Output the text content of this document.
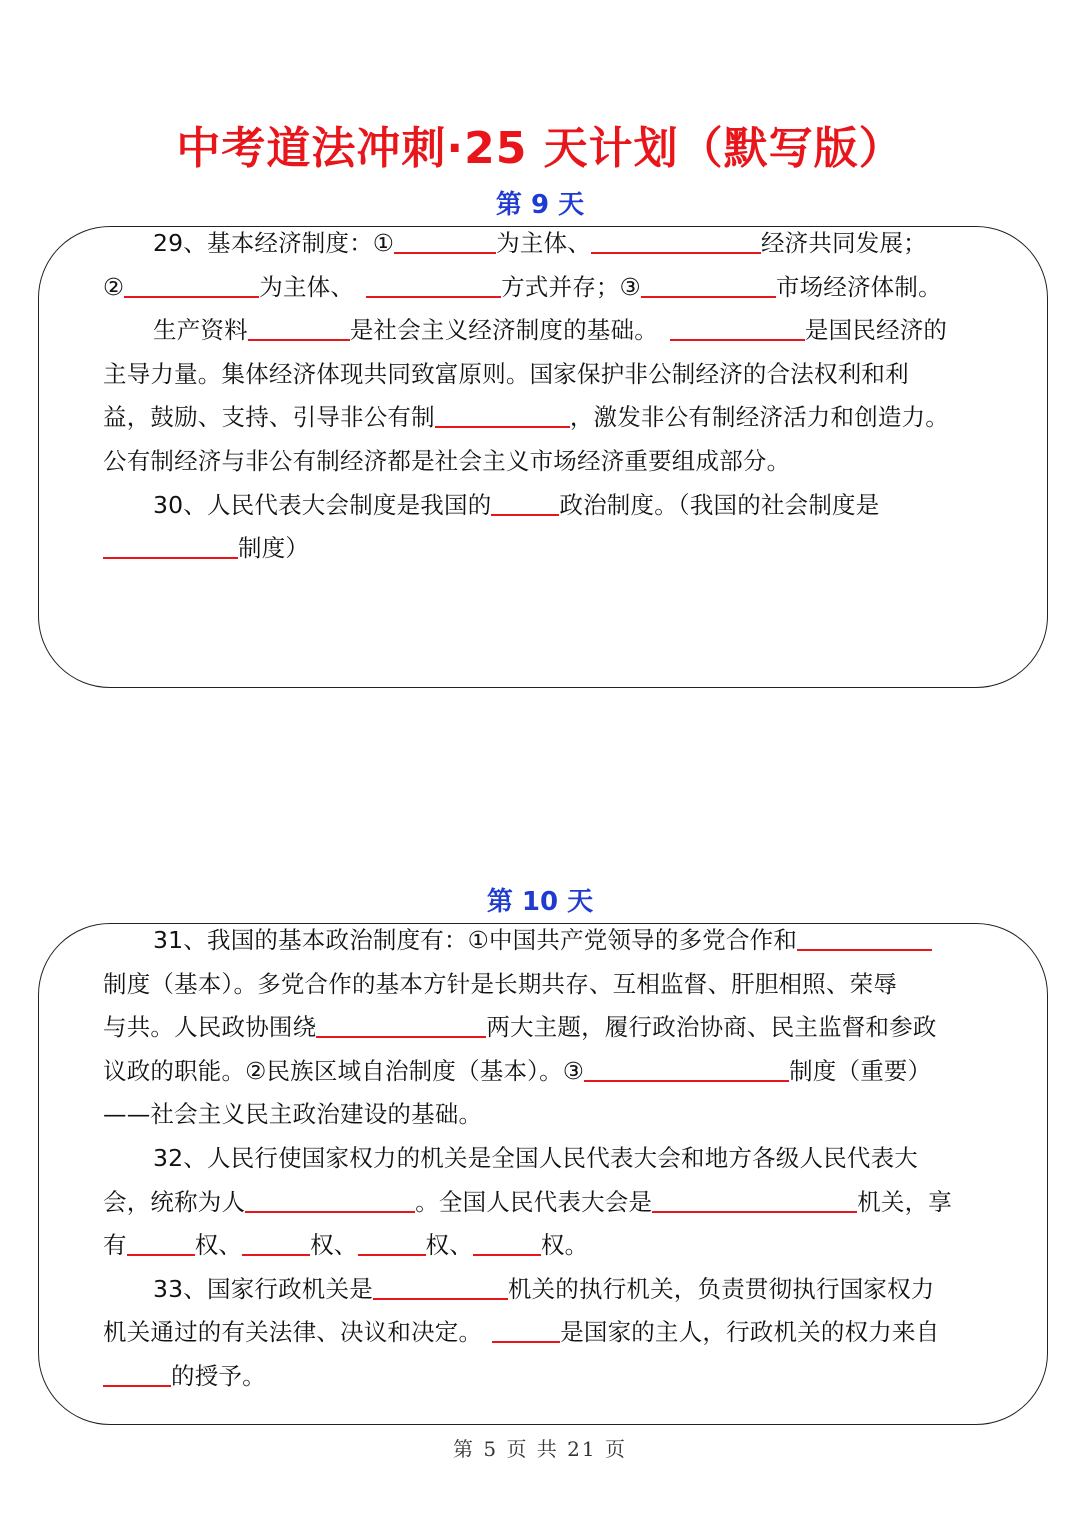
中考道法冲刺·25 天计划（默写版）
第 9 天
29、基本经济制度：①	为主体、	经济共同发展；
②	为主体、	方式并存；③	市场经济体制。
生产资料	是社会主义经济制度的基础。	是国民经济的
主导力量。集体经济体现共同致富原则。国家保护非公制经济的合法权利和利
益，鼓励、支持、引导非公有制	，激发非公有制经济活力和创造力。
公有制经济与非公有制经济都是社会主义市场经济重要组成部分。
30、人民代表大会制度是我国的	政治制度。（我国的社会制度是
制度）
第 10 天
31、我国的基本政治制度有：①中国共产党领导的多党合作和
制度（基本）。多党合作的基本方针是长期共存、互相监督、肝胆相照、荣辱
与共。人民政协围绕	两大主题，履行政治协商、民主监督和参政
议政的职能。②民族区域自治制度（基本）。③	制度（重要）
——社会主义民主政治建设的基础。
32、人民行使国家权力的机关是全国人民代表大会和地方各级人民代表大
会，统称为人	。全国人民代表大会是	机关，享
有	权、	权、	权、	权。
33、国家行政机关是	机关的执行机关，负责贯彻执行国家权力
机关通过的有关法律、决议和决定。	是国家的主人，行政机关的权力来自
的授予。
第 5 页 共 21 页
